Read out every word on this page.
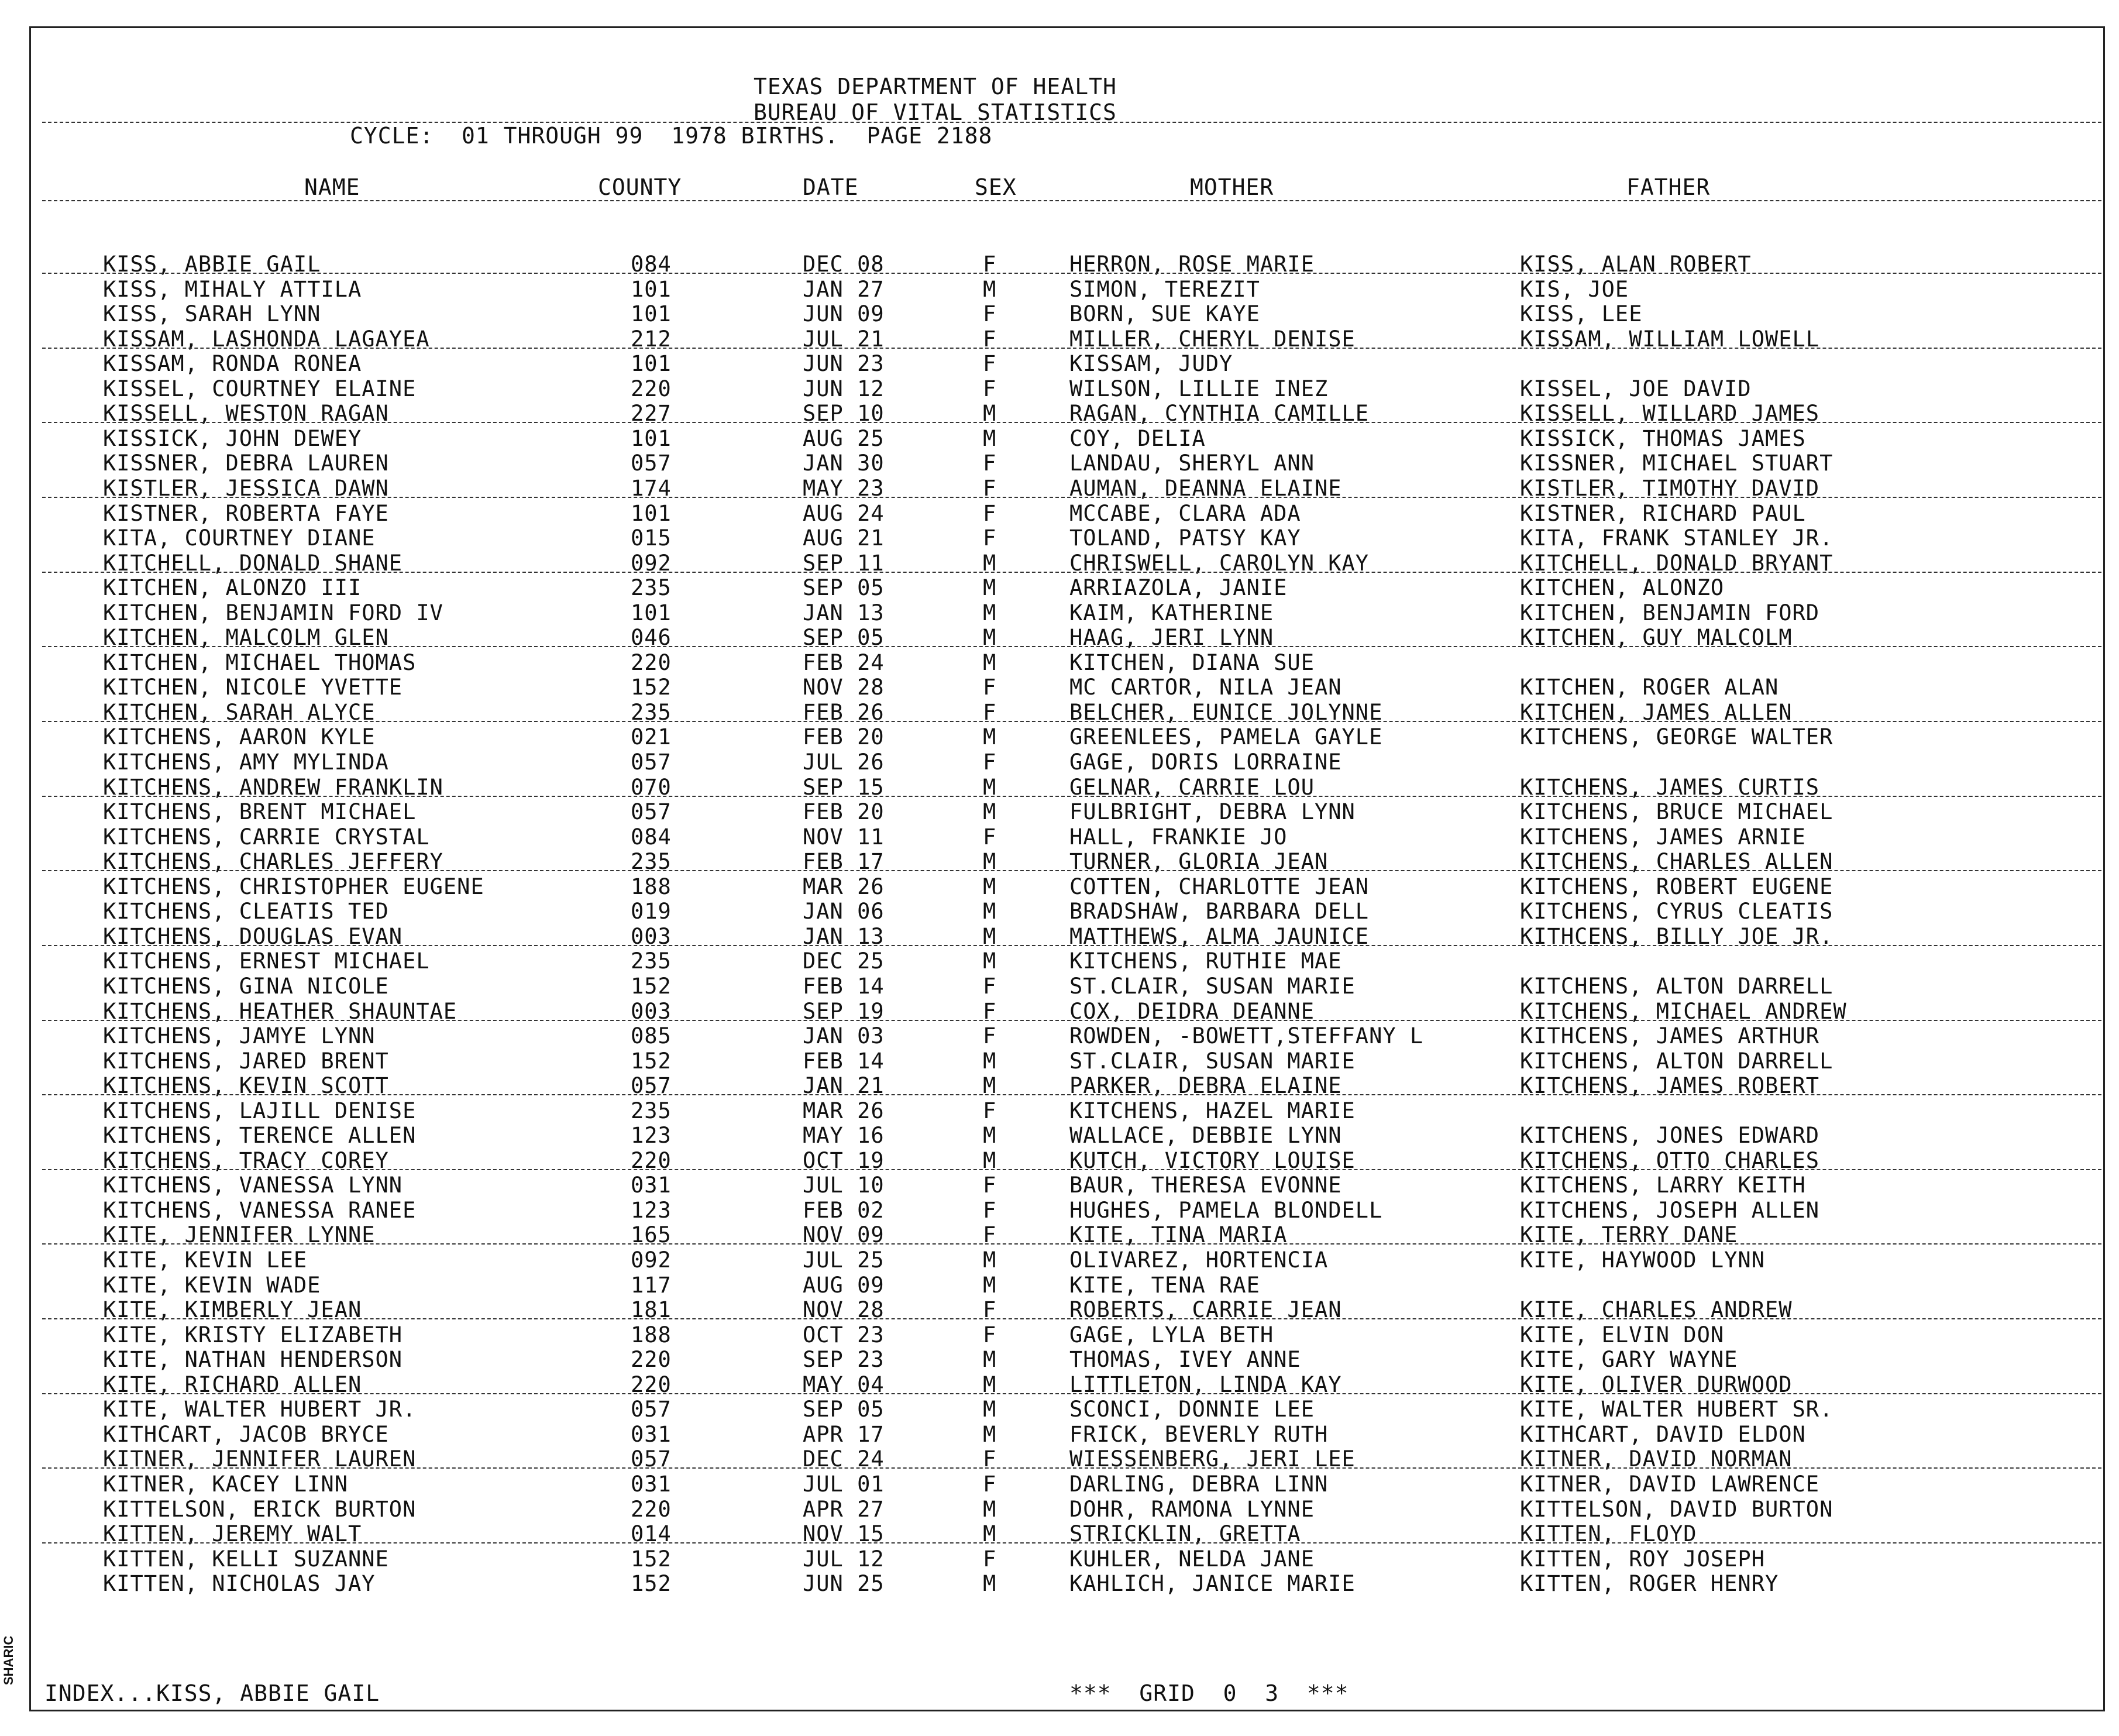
TEXAS DEPARTMENT OF HEALTH
BUREAU OF VITAL STATISTICS
CYCLE:  01 THROUGH 99  1978 BIRTHS.  PAGE 2188
NAME	COUNTY	DATE	SEX	MOTHER	FATHER
KISS, ABBIE GAIL	084	DEC 08	F	HERRON, ROSE MARIE	KISS, ALAN ROBERT
KISS, MIHALY ATTILA	101	JAN 27	M	SIMON, TEREZIT	KIS, JOE
KISS, SARAH LYNN	101	JUN 09	F	BORN, SUE KAYE	KISS, LEE
KISSAM, LASHONDA LAGAYEA	212	JUL 21	F	MILLER, CHERYL DENISE	KISSAM, WILLIAM LOWELL
KISSAM, RONDA RONEA	101	JUN 23	F	KISSAM, JUDY
KISSEL, COURTNEY ELAINE	220	JUN 12	F	WILSON, LILLIE INEZ	KISSEL, JOE DAVID
KISSELL, WESTON RAGAN	227	SEP 10	M	RAGAN, CYNTHIA CAMILLE	KISSELL, WILLARD JAMES
KISSICK, JOHN DEWEY	101	AUG 25	M	COY, DELIA	KISSICK, THOMAS JAMES
KISSNER, DEBRA LAUREN	057	JAN 30	F	LANDAU, SHERYL ANN	KISSNER, MICHAEL STUART
KISTLER, JESSICA DAWN	174	MAY 23	F	AUMAN, DEANNA ELAINE	KISTLER, TIMOTHY DAVID
KISTNER, ROBERTA FAYE	101	AUG 24	F	MCCABE, CLARA ADA	KISTNER, RICHARD PAUL
KITA, COURTNEY DIANE	015	AUG 21	F	TOLAND, PATSY KAY	KITA, FRANK STANLEY JR.
KITCHELL, DONALD SHANE	092	SEP 11	M	CHRISWELL, CAROLYN KAY	KITCHELL, DONALD BRYANT
KITCHEN, ALONZO III	235	SEP 05	M	ARRIAZOLA, JANIE	KITCHEN, ALONZO
KITCHEN, BENJAMIN FORD IV	101	JAN 13	M	KAIM, KATHERINE	KITCHEN, BENJAMIN FORD
KITCHEN, MALCOLM GLEN	046	SEP 05	M	HAAG, JERI LYNN	KITCHEN, GUY MALCOLM
KITCHEN, MICHAEL THOMAS	220	FEB 24	M	KITCHEN, DIANA SUE
KITCHEN, NICOLE YVETTE	152	NOV 28	F	MC CARTOR, NILA JEAN	KITCHEN, ROGER ALAN
KITCHEN, SARAH ALYCE	235	FEB 26	F	BELCHER, EUNICE JOLYNNE	KITCHEN, JAMES ALLEN
KITCHENS, AARON KYLE	021	FEB 20	M	GREENLEES, PAMELA GAYLE	KITCHENS, GEORGE WALTER
KITCHENS, AMY MYLINDA	057	JUL 26	F	GAGE, DORIS LORRAINE
KITCHENS, ANDREW FRANKLIN	070	SEP 15	M	GELNAR, CARRIE LOU	KITCHENS, JAMES CURTIS
KITCHENS, BRENT MICHAEL	057	FEB 20	M	FULBRIGHT, DEBRA LYNN	KITCHENS, BRUCE MICHAEL
KITCHENS, CARRIE CRYSTAL	084	NOV 11	F	HALL, FRANKIE JO	KITCHENS, JAMES ARNIE
KITCHENS, CHARLES JEFFERY	235	FEB 17	M	TURNER, GLORIA JEAN	KITCHENS, CHARLES ALLEN
KITCHENS, CHRISTOPHER EUGENE	188	MAR 26	M	COTTEN, CHARLOTTE JEAN	KITCHENS, ROBERT EUGENE
KITCHENS, CLEATIS TED	019	JAN 06	M	BRADSHAW, BARBARA DELL	KITCHENS, CYRUS CLEATIS
KITCHENS, DOUGLAS EVAN	003	JAN 13	M	MATTHEWS, ALMA JAUNICE	KITHCENS, BILLY JOE JR.
KITCHENS, ERNEST MICHAEL	235	DEC 25	M	KITCHENS, RUTHIE MAE
KITCHENS, GINA NICOLE	152	FEB 14	F	ST.CLAIR, SUSAN MARIE	KITCHENS, ALTON DARRELL
KITCHENS, HEATHER SHAUNTAE	003	SEP 19	F	COX, DEIDRA DEANNE	KITCHENS, MICHAEL ANDREW
KITCHENS, JAMYE LYNN	085	JAN 03	F	ROWDEN, -BOWETT,STEFFANY L	KITHCENS, JAMES ARTHUR
KITCHENS, JARED BRENT	152	FEB 14	M	ST.CLAIR, SUSAN MARIE	KITCHENS, ALTON DARRELL
KITCHENS, KEVIN SCOTT	057	JAN 21	M	PARKER, DEBRA ELAINE	KITCHENS, JAMES ROBERT
KITCHENS, LAJILL DENISE	235	MAR 26	F	KITCHENS, HAZEL MARIE
KITCHENS, TERENCE ALLEN	123	MAY 16	M	WALLACE, DEBBIE LYNN	KITCHENS, JONES EDWARD
KITCHENS, TRACY COREY	220	OCT 19	M	KUTCH, VICTORY LOUISE	KITCHENS, OTTO CHARLES
KITCHENS, VANESSA LYNN	031	JUL 10	F	BAUR, THERESA EVONNE	KITCHENS, LARRY KEITH
KITCHENS, VANESSA RANEE	123	FEB 02	F	HUGHES, PAMELA BLONDELL	KITCHENS, JOSEPH ALLEN
KITE, JENNIFER LYNNE	165	NOV 09	F	KITE, TINA MARIA	KITE, TERRY DANE
KITE, KEVIN LEE	092	JUL 25	M	OLIVAREZ, HORTENCIA	KITE, HAYWOOD LYNN
KITE, KEVIN WADE	117	AUG 09	M	KITE, TENA RAE
KITE, KIMBERLY JEAN	181	NOV 28	F	ROBERTS, CARRIE JEAN	KITE, CHARLES ANDREW
KITE, KRISTY ELIZABETH	188	OCT 23	F	GAGE, LYLA BETH	KITE, ELVIN DON
KITE, NATHAN HENDERSON	220	SEP 23	M	THOMAS, IVEY ANNE	KITE, GARY WAYNE
KITE, RICHARD ALLEN	220	MAY 04	M	LITTLETON, LINDA KAY	KITE, OLIVER DURWOOD
KITE, WALTER HUBERT JR.	057	SEP 05	M	SCONCI, DONNIE LEE	KITE, WALTER HUBERT SR.
KITHCART, JACOB BRYCE	031	APR 17	M	FRICK, BEVERLY RUTH	KITHCART, DAVID ELDON
KITNER, JENNIFER LAUREN	057	DEC 24	F	WIESSENBERG, JERI LEE	KITNER, DAVID NORMAN
KITNER, KACEY LINN	031	JUL 01	F	DARLING, DEBRA LINN	KITNER, DAVID LAWRENCE
KITTELSON, ERICK BURTON	220	APR 27	M	DOHR, RAMONA LYNNE	KITTELSON, DAVID BURTON
KITTEN, JEREMY WALT	014	NOV 15	M	STRICKLIN, GRETTA	KITTEN, FLOYD
KITTEN, KELLI SUZANNE	152	JUL 12	F	KUHLER, NELDA JANE	KITTEN, ROY JOSEPH
KITTEN, NICHOLAS JAY	152	JUN 25	M	KAHLICH, JANICE MARIE	KITTEN, ROGER HENRY
INDEX...KISS, ABBIE GAIL	***  GRID  0  3  ***
SHARIC
